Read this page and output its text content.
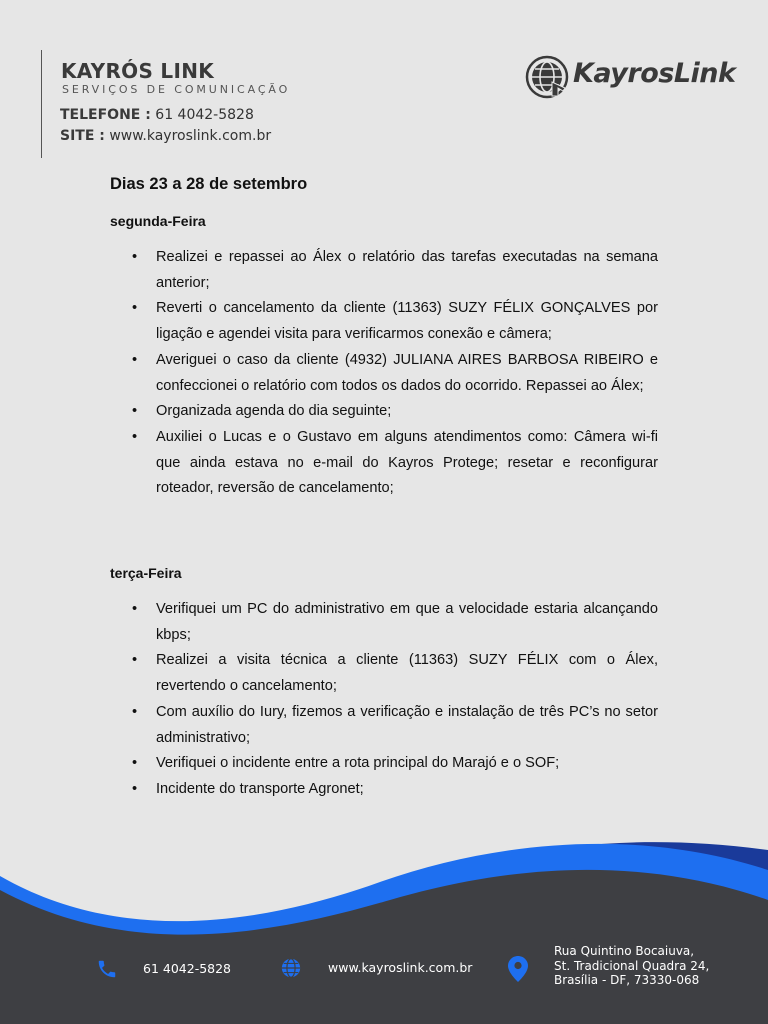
KAYRÓS LINK
SERVIÇOS DE COMUNICAÇÃO
TELEFONE : 61 4042-5828
SITE : www.kayroslink.com.br
KayrosLink
Dias 23 a 28 de setembro
segunda-Feira
• Realizei e repassei ao Álex o relatório das tarefas executadas na semana anterior;
• Reverti o cancelamento da cliente (11363) SUZY FÉLIX GONÇALVES por ligação e agendei visita para verificarmos conexão e câmera;
• Averiguei o caso da cliente (4932) JULIANA AIRES BARBOSA RIBEIRO e confeccionei o relatório com todos os dados do ocorrido. Repassei ao Álex;
• Organizada agenda do dia seguinte;
• Auxiliei o Lucas e o Gustavo em alguns atendimentos como: Câmera wi-fi que ainda estava no e-mail do Kayros Protege; resetar e reconfigurar roteador, reversão de cancelamento;
terça-Feira
• Verifiquei um PC do administrativo em que a velocidade estaria alcançando kbps;
• Realizei a visita técnica a cliente (11363) SUZY FÉLIX com o Álex, revertendo o cancelamento;
• Com auxílio do Iury, fizemos a verificação e instalação de três PC’s no setor administrativo;
• Verifiquei o incidente entre a rota principal do Marajó e o SOF;
• Incidente do transporte Agronet;
61 4042-5828	www.kayroslink.com.br
Rua Quintino Bocaiuva,
St. Tradicional Quadra 24,
Brasília - DF, 73330-068
